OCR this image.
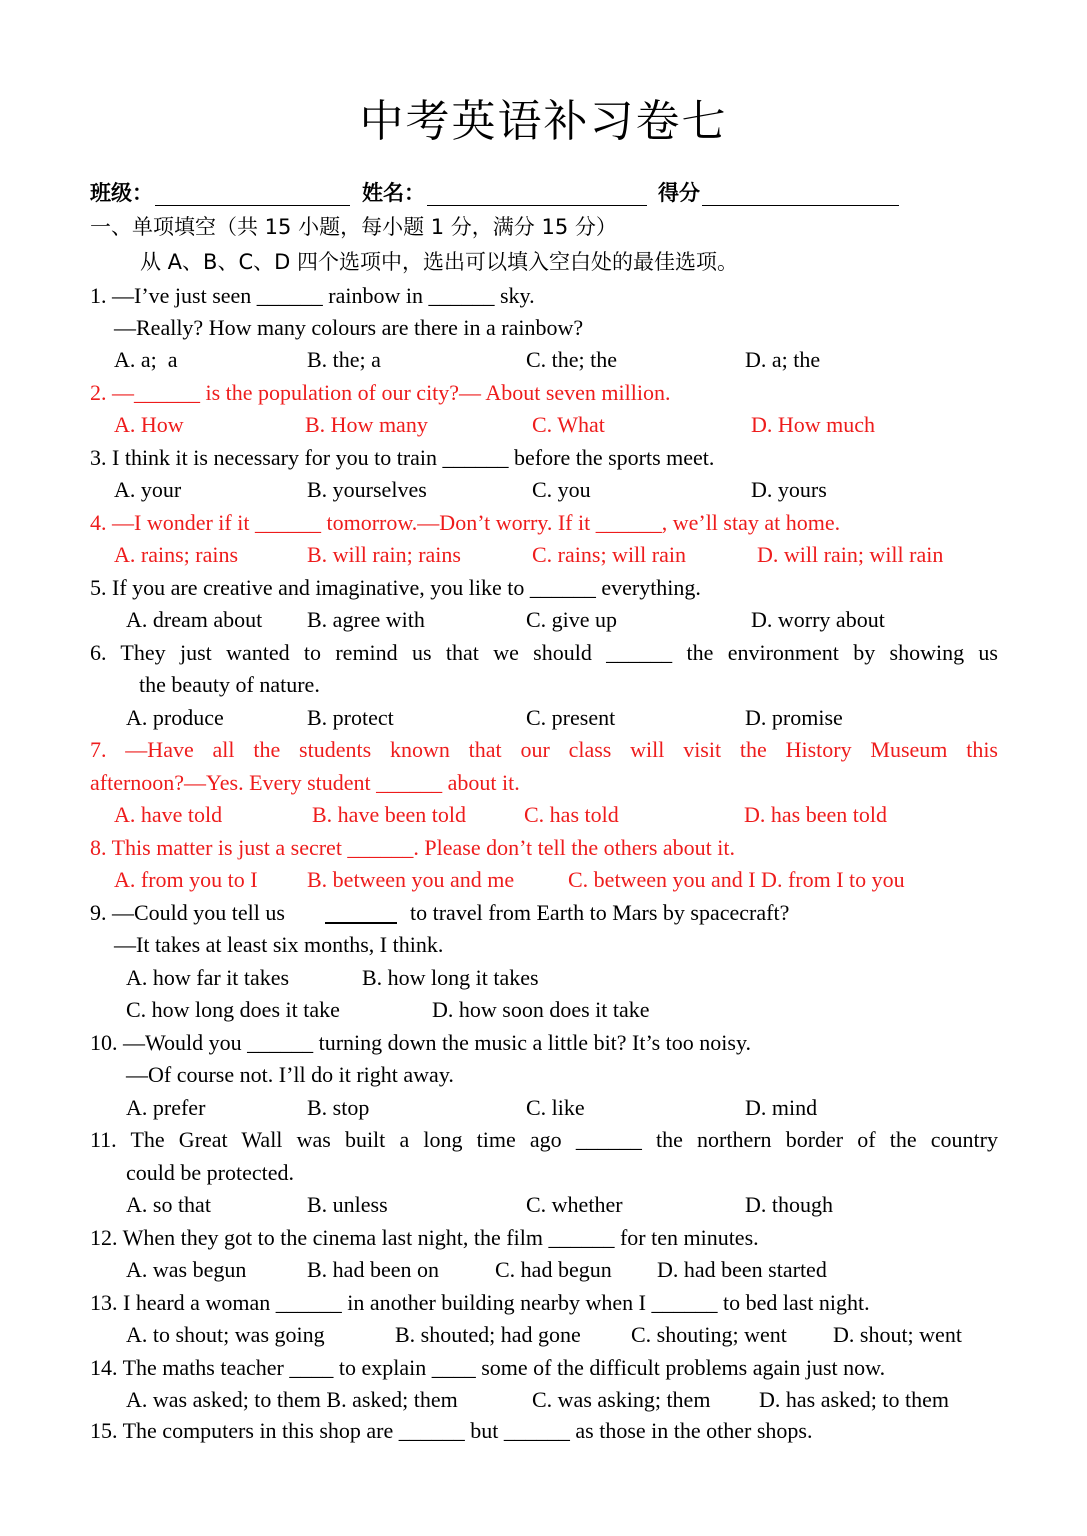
中考英语补习卷七
班级：	姓名：	得分
一、单项填空（共 15 小题，每小题 1 分，满分 15 分）
从 A、B、C、D 四个选项中，选出可以填入空白处的最佳选项。
1. —I’ve just seen ______ rainbow in ______ sky.
—Really? How many colours are there in a rainbow?
A. a;  a	B. the; a	C. the; the	D. a; the
2. —______ is the population of our city?— About seven million.
A. How	B. How many	C. What	D. How much
3. I think it is necessary for you to train ______ before the sports meet.
A. your	B. yourselves	C. you	D. yours
4. —I wonder if it ______ tomorrow.—Don’t worry. If it ______, we’ll stay at home.
A. rains; rains	B. will rain; rains	C. rains; will rain	D. will rain; will rain
5. If you are creative and imaginative, you like to ______ everything.
A. dream about B. agree with	C. give up	D. worry about
6. They just wanted to remind us that we should ______ the environment by showing us
the beauty of nature.
A. produce	B. protect	C. present	D. promise
7. —Have all the students known that our class will visit the History Museum this
afternoon?—Yes. Every student ______ about it.
A. have told	B. have been told	C. has told	D. has been told
8. This matter is just a secret ______. Please don’t tell the others about it.
A. from you to I B. between you and me C. between you and I D. from I to you
9. —Could you tell us	to travel from Earth to Mars by spacecraft?
—It takes at least six months, I think.
A. how far it takes	B. how long it takes
C. how long does it take	D. how soon does it take
10. —Would you ______ turning down the music a little bit? It’s too noisy.
—Of course not. I’ll do it right away.
A. prefer	B. stop	C. like	D. mind
11. The Great Wall was built a long time ago ______ the northern border of the country
could be protected.
A. so that	B. unless	C. whether	D. though
12. When they got to the cinema last night, the film ______ for ten minutes.
A. was begun	B. had been on	C. had begun D. had been started
13. I heard a woman ______ in another building nearby when I ______ to bed last night.
A. to shout; was going	B. shouted; had gone C. shouting; went D. shout; went
14. The maths teacher ____ to explain ____ some of the difficult problems again just now.
A. was asked; to them B. asked; them	C. was asking; them D. has asked; to them
15. The computers in this shop are ______ but ______ as those in the other shops.
